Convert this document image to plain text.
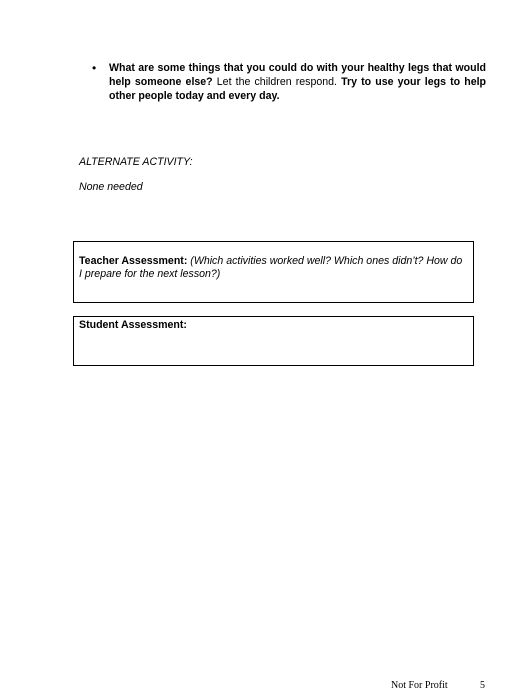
• What are some things that you could do with your healthy legs that would help someone else? Let the children respond. Try to use your legs to help other people today and every day.
ALTERNATE ACTIVITY:
None needed
Teacher Assessment: (Which activities worked well? Which ones didn’t? How do I prepare for the next lesson?)
Student Assessment:
Not For Profit	5
